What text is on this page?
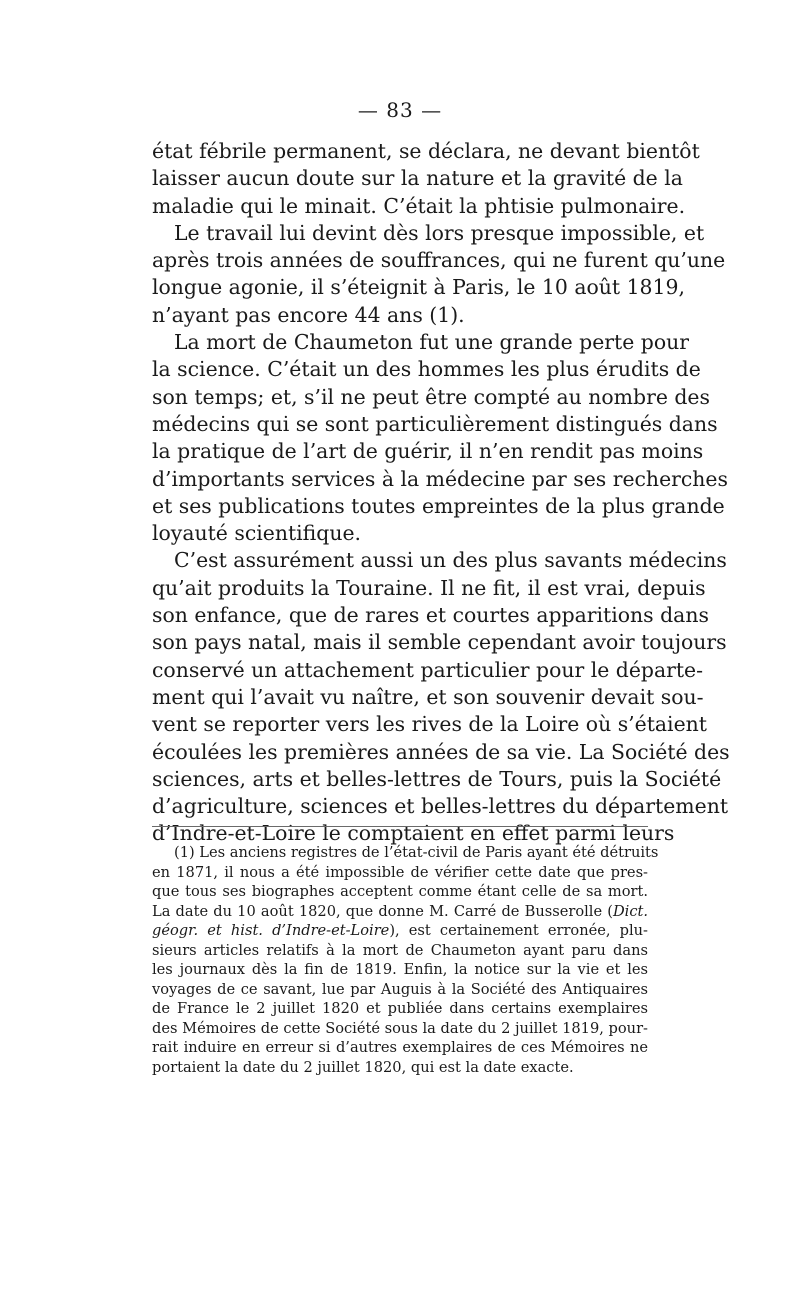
— 83 —
état fébrile permanent, se déclara, ne devant bientôt
laisser aucun doute sur la nature et la gravité de la
maladie qui le minait. C’était la phtisie pulmonaire.
Le travail lui devint dès lors presque impossible, et
après trois années de souffrances, qui ne furent qu’une
longue agonie, il s’éteignit à Paris, le 10 août 1819,
n’ayant pas encore 44 ans (1).
La mort de Chaumeton fut une grande perte pour
la science. C’était un des hommes les plus érudits de
son temps; et, s’il ne peut être compté au nombre des
médecins qui se sont particulièrement distingués dans
la pratique de l’art de guérir, il n’en rendit pas moins
d’importants services à la médecine par ses recherches
et ses publications toutes empreintes de la plus grande
loyauté scientifique.
C’est assurément aussi un des plus savants médecins
qu’ait produits la Touraine. Il ne fit, il est vrai, depuis
son enfance, que de rares et courtes apparitions dans
son pays natal, mais il semble cependant avoir toujours
conservé un attachement particulier pour le départe-
ment qui l’avait vu naître, et son souvenir devait sou-
vent se reporter vers les rives de la Loire où s’étaient
écoulées les premières années de sa vie. La Société des
sciences, arts et belles-lettres de Tours, puis la Société
d’agriculture, sciences et belles-lettres du département
d’Indre-et-Loire le comptaient en effet parmi leurs
(1) Les anciens registres de l’état-civil de Paris ayant été détruits
en 1871, il nous a été impossible de vérifier cette date que pres-
que tous ses biographes acceptent comme étant celle de sa mort.
La date du 10 août 1820, que donne M. Carré de Busserolle (Dict.
géogr. et hist. d’Indre-et-Loire), est certainement erronée, plu-
sieurs articles relatifs à la mort de Chaumeton ayant paru dans
les journaux dès la fin de 1819. Enfin, la notice sur la vie et les
voyages de ce savant, lue par Auguis à la Société des Antiquaires
de France le 2 juillet 1820 et publiée dans certains exemplaires
des Mémoires de cette Société sous la date du 2 juillet 1819, pour-
rait induire en erreur si d’autres exemplaires de ces Mémoires ne
portaient la date du 2 juillet 1820, qui est la date exacte.
